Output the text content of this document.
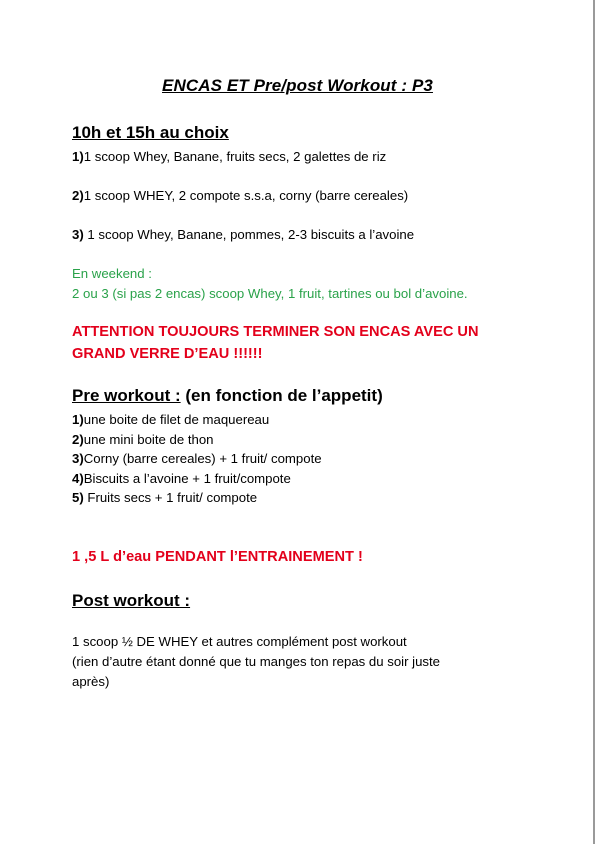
ENCAS ET Pre/post Workout : P3
10h et 15h au choix
1)1 scoop Whey, Banane, fruits secs, 2 galettes de riz
2)1 scoop WHEY, 2 compote s.s.a, corny (barre cereales)
3) 1 scoop Whey, Banane, pommes, 2-3 biscuits a l’avoine
En weekend :
2 ou 3 (si pas 2 encas) scoop Whey, 1 fruit, tartines ou bol d’avoine.
ATTENTION TOUJOURS TERMINER SON ENCAS AVEC UN
GRAND VERRE D’EAU !!!!!!
Pre workout : (en fonction de l’appetit)
1)une boite de filet de maquereau
2)une mini boite de thon
3)Corny (barre cereales) + 1 fruit/ compote
4)Biscuits a l’avoine + 1 fruit/compote
5) Fruits secs + 1 fruit/ compote
1 ,5 L d’eau PENDANT l’ENTRAINEMENT !
Post workout :
1 scoop ½ DE WHEY et autres complément post workout
(rien d’autre étant donné que tu manges ton repas du soir juste
après)
